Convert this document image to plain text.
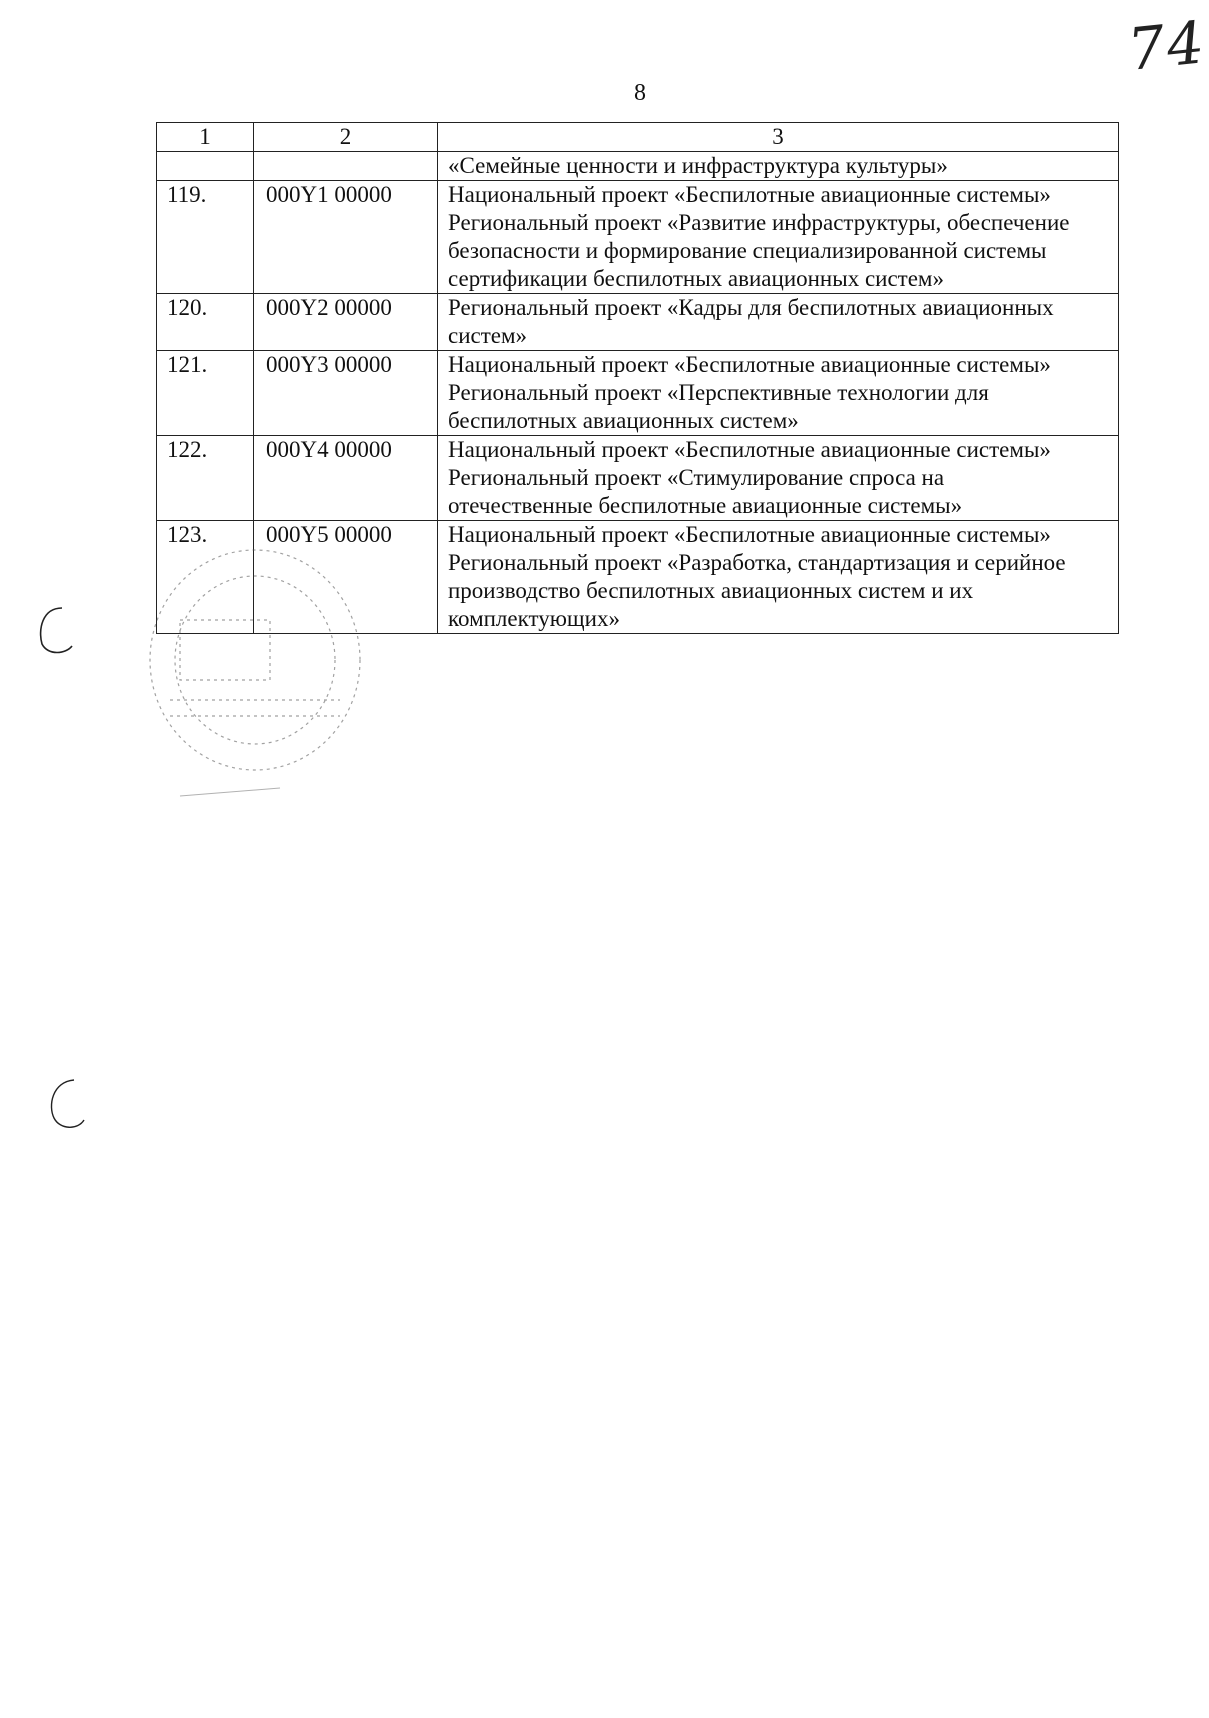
74
8
1	2	3

		«Семейные ценности и инфраструктура культуры»

119.	000Y1 00000	Национальный проект «Беспилотные авиационные системы»
Региональный проект «Развитие инфраструктуры, обеспечение
безопасности и формирование специализированной системы
сертификации беспилотных авиационных систем»

120.	000Y2 00000	Региональный проект «Кадры для беспилотных авиационных
систем»

121.	000Y3 00000	Национальный проект «Беспилотные авиационные системы»
Региональный проект «Перспективные технологии для
беспилотных авиационных систем»

122.	000Y4 00000	Национальный проект «Беспилотные авиационные системы»
Региональный проект «Стимулирование спроса на
отечественные беспилотные авиационные системы»

123.	000Y5 00000	Национальный проект «Беспилотные авиационные системы»
Региональный проект «Разработка, стандартизация и серийное
производство беспилотных авиационных систем и их
комплектующих»
